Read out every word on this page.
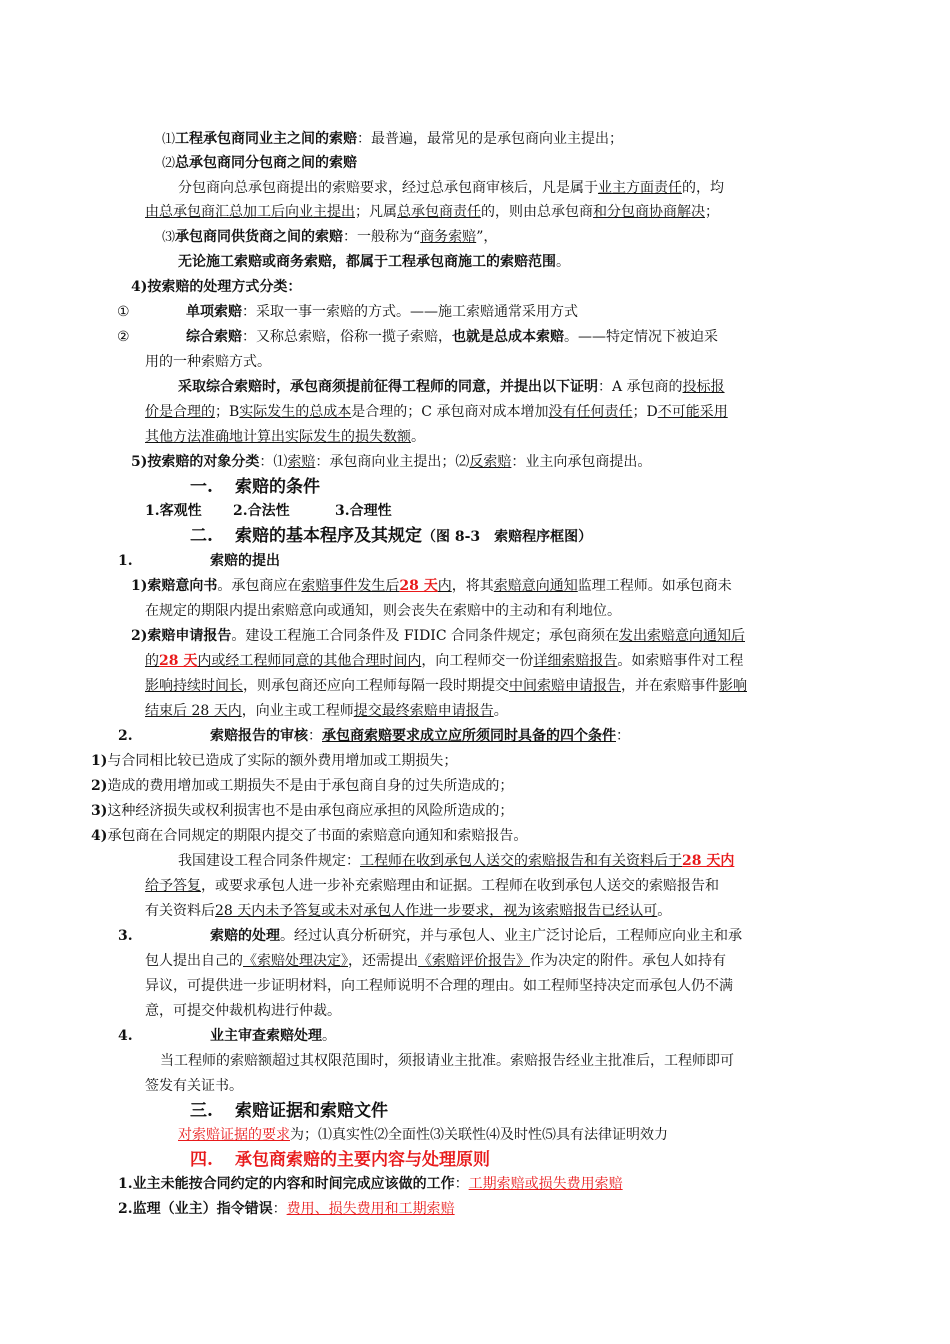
⑴工程承包商同业主之间的索赔：最普遍，最常见的是承包商向业主提出；
⑵总承包商同分包商之间的索赔
分包商向总承包商提出的索赔要求，经过总承包商审核后，凡是属于业主方面责任的，均
由总承包商汇总加工后向业主提出；凡属总承包商责任的，则由总承包商和分包商协商解决；
⑶承包商同供货商之间的索赔：一般称为“商务索赔”，
无论施工索赔或商务索赔，都属于工程承包商施工的索赔范围。
4)按索赔的处理方式分类：
①	单项索赔：采取一事一索赔的方式。——施工索赔通常采用方式
②	综合索赔：又称总索赔，俗称一揽子索赔，也就是总成本索赔。——特定情况下被迫采
用的一种索赔方式。
采取综合索赔时，承包商须提前征得工程师的同意，并提出以下证明：A 承包商的投标报
价是合理的；B实际发生的总成本是合理的；C 承包商对成本增加没有任何责任；D不可能采用
其他方法准确地计算出实际发生的损失数额。
5)按索赔的对象分类：⑴索赔：承包商向业主提出；⑵反索赔：业主向承包商提出。
一. 索赔的条件
1.客观性 2.合法性	3.合理性
二. 索赔的基本程序及其规定（图 8-3　索赔程序框图）
1.	索赔的提出
1)索赔意向书。承包商应在索赔事件发生后28 天内，将其索赔意向通知监理工程师。如承包商未
在规定的期限内提出索赔意向或通知，则会丧失在索赔中的主动和有利地位。
2)索赔申请报告。建设工程施工合同条件及 FIDIC 合同条件规定；承包商须在发出索赔意向通知后
的28 天内或经工程师同意的其他合理时间内，向工程师交一份详细索赔报告。如索赔事件对工程
影响持续时间长，则承包商还应向工程师每隔一段时期提交中间索赔申请报告，并在索赔事件影响
结束后 28 天内，向业主或工程师提交最终索赔申请报告。
2.	索赔报告的审核：承包商索赔要求成立应所须同时具备的四个条件：
1)与合同相比较已造成了实际的额外费用增加或工期损失；
2)造成的费用增加或工期损失不是由于承包商自身的过失所造成的；
3)这种经济损失或权利损害也不是由承包商应承担的风险所造成的；
4)承包商在合同规定的期限内提交了书面的索赔意向通知和索赔报告。
我国建设工程合同条件规定：工程师在收到承包人送交的索赔报告和有关资料后于28 天内
给予答复，或要求承包人进一步补充索赔理由和证据。工程师在收到承包人送交的索赔报告和
有关资料后28 天内未予答复或未对承包人作进一步要求，视为该索赔报告已经认可。
3.	索赔的处理。经过认真分析研究，并与承包人、业主广泛讨论后，工程师应向业主和承
包人提出自己的《索赔处理决定》，还需提出《索赔评价报告》作为决定的附件。承包人如持有
异议，可提供进一步证明材料，向工程师说明不合理的理由。如工程师坚持决定而承包人仍不满
意，可提交仲裁机构进行仲裁。
4.	业主审查索赔处理。
当工程师的索赔额超过其权限范围时，须报请业主批准。索赔报告经业主批准后，工程师即可
签发有关证书。
三. 索赔证据和索赔文件
对索赔证据的要求为；⑴真实性⑵全面性⑶关联性⑷及时性⑸具有法律证明效力
四. 承包商索赔的主要内容与处理原则
1.业主未能按合同约定的内容和时间完成应该做的工作：工期索赔或损失费用索赔
2.监理（业主）指令错误：费用、损失费用和工期索赔
